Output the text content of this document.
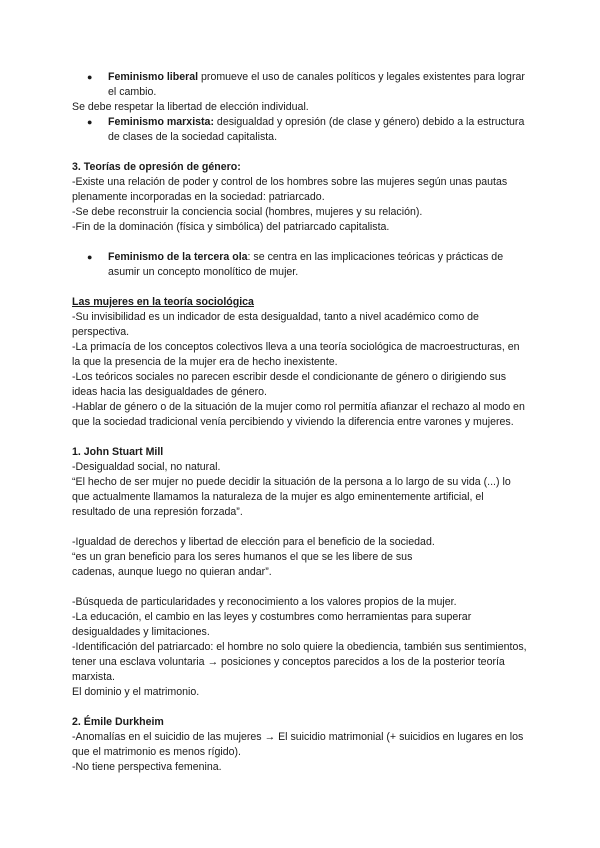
● Feminismo liberal promueve el uso de canales políticos y legales existentes para lograr el cambio.

Se debe respetar la libertad de elección individual.

● Feminismo marxista: desigualdad y opresión (de clase y género) debido a la estructura de clases de la sociedad capitalista.

3. Teorías de opresión de género:

-Existe una relación de poder y control de los hombres sobre las mujeres según unas pautas plenamente incorporadas en la sociedad: patriarcado.

-Se debe reconstruir la conciencia social (hombres, mujeres y su relación).

-Fin de la dominación (física y simbólica) del patriarcado capitalista.

● Feminismo de la tercera ola: se centra en las implicaciones teóricas y prácticas de asumir un concepto monolítico de mujer.

Las mujeres en la teoría sociológica

-Su invisibilidad es un indicador de esta desigualdad, tanto a nivel académico como de perspectiva.

-La primacía de los conceptos colectivos lleva a una teoría sociológica de macroestructuras, en la que la presencia de la mujer era de hecho inexistente.

-Los teóricos sociales no parecen escribir desde el condicionante de género o dirigiendo sus ideas hacia las desigualdades de género.

-Hablar de género o de la situación de la mujer como rol permitía afianzar el rechazo al modo en que la sociedad tradicional venía percibiendo y viviendo la diferencia entre varones y mujeres.

1. John Stuart Mill

-Desigualdad social, no natural.

“El hecho de ser mujer no puede decidir la situación de la persona a lo largo de su vida (...) lo que actualmente llamamos la naturaleza de la mujer es algo eminentemente artificial, el resultado de una represión forzada”.

-Igualdad de derechos y libertad de elección para el beneficio de la sociedad.

“es un gran beneficio para los seres humanos el que se les libere de sus cadenas, aunque luego no quieran andar”.

-Búsqueda de particularidades y reconocimiento a los valores propios de la mujer.

-La educación, el cambio en las leyes y costumbres como herramientas para superar desigualdades y limitaciones.

-Identificación del patriarcado: el hombre no solo quiere la obediencia, también sus sentimientos, tener una esclava voluntaria → posiciones y conceptos parecidos a los de la posterior teoría marxista.

El dominio y el matrimonio.

2. Émile Durkheim

-Anomalías en el suicidio de las mujeres → El suicidio matrimonial (+ suicidios en lugares en los que el matrimonio es menos rígido).

-No tiene perspectiva femenina.
